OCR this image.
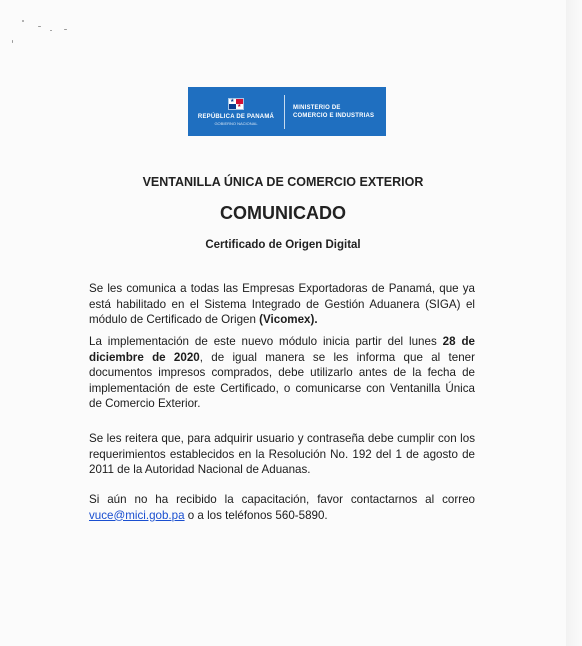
★
★
REPÚBLICA DE PANAMÁ
GOBIERNO NACIONAL
MINISTERIO DE
COMERCIO E INDUSTRIAS
VENTANILLA ÚNICA DE COMERCIO EXTERIOR
COMUNICADO
Certificado de Origen Digital
Se les comunica a todas las Empresas Exportadoras de Panamá, que ya está habilitado en el Sistema Integrado de Gestión Aduanera (SIGA) el módulo de Certificado de Origen (Vicomex).
La implementación de este nuevo módulo inicia partir del lunes 28 de diciembre de 2020, de igual manera se les informa que al tener documentos impresos comprados, debe utilizarlo antes de la fecha de implementación de este Certificado, o comunicarse con Ventanilla Única de Comercio Exterior.
Se les reitera que, para adquirir usuario y contraseña debe cumplir con los requerimientos establecidos en la Resolución No. 192 del 1 de agosto de 2011 de la Autoridad Nacional de Aduanas.
Si aún no ha recibido la capacitación, favor contactarnos al correo vuce@mici.gob.pa o a los teléfonos 560-5890.
